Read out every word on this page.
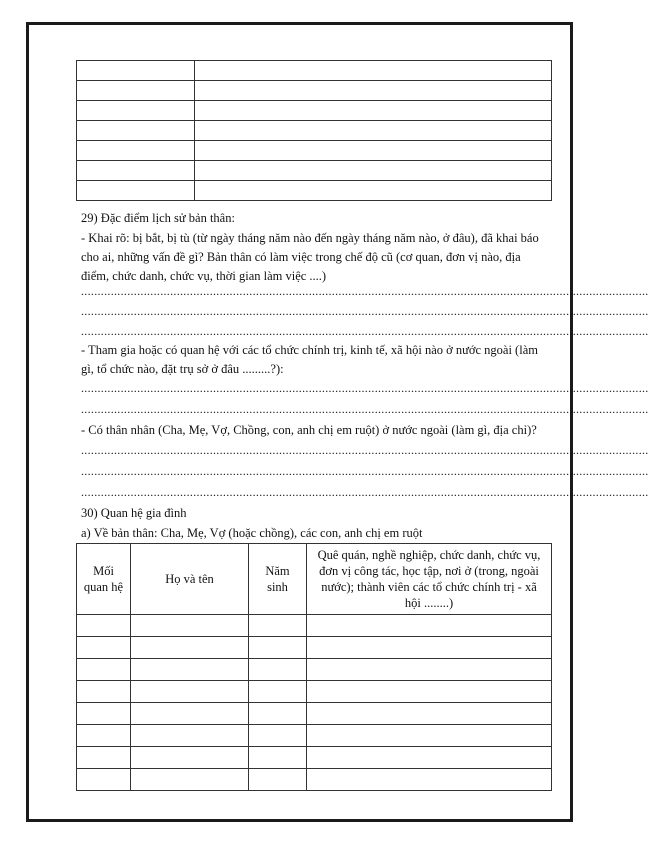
29) Đặc điểm lịch sử bản thân:
- Khai rõ: bị bắt, bị tù (từ ngày tháng năm nào đến ngày tháng năm nào, ở đâu), đã khai báo cho ai, những vấn đề gì? Bản thân có làm việc trong chế độ cũ (cơ quan, đơn vị nào, địa điểm, chức danh, chức vụ, thời gian làm việc ....)
............................................................................................................................................................................
............................................................................................................................................................................
............................................................................................................................................................................
- Tham gia hoặc có quan hệ với các tổ chức chính trị, kinh tế, xã hội nào ở nước ngoài (làm gì, tổ chức nào, đặt trụ sở ở đâu .........?):
............................................................................................................................................................................
............................................................................................................................................................................
- Có thân nhân (Cha, Mẹ, Vợ, Chồng, con, anh chị em ruột) ở nước ngoài (làm gì, địa chỉ)?
............................................................................................................................................................................
............................................................................................................................................................................
............................................................................................................................................................................
30) Quan hệ gia đình
a) Về bản thân: Cha, Mẹ, Vợ (hoặc chồng), các con, anh chị em ruột
Mối quan hệ	Họ và tên	Năm sinh	Quê quán, nghề nghiệp, chức danh, chức vụ, đơn vị công tác, học tập, nơi ở (trong, ngoài nước); thành viên các tổ chức chính trị - xã hội ........)
